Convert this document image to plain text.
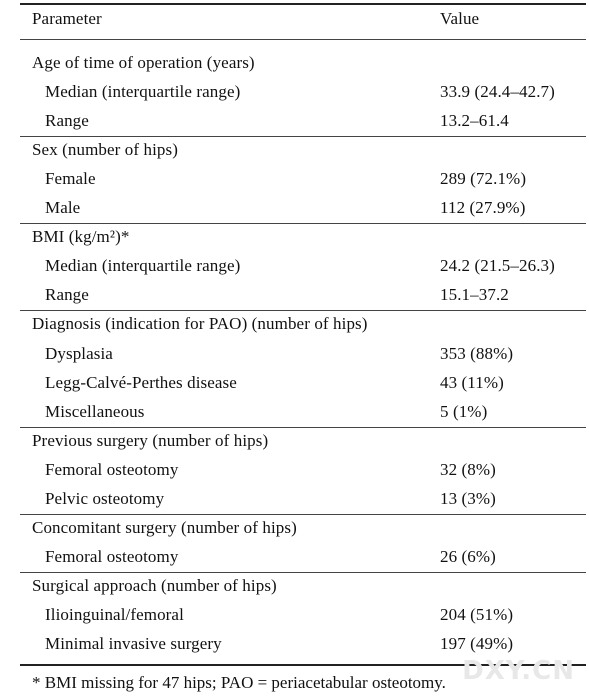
Parameter	Value
Age of time of operation (years)
Median (interquartile range)	33.9 (24.4–42.7)
Range	13.2–61.4
Sex (number of hips)
Female	289 (72.1%)
Male	112 (27.9%)
BMI (kg/m²)*
Median (interquartile range)	24.2 (21.5–26.3)
Range	15.1–37.2
Diagnosis (indication for PAO) (number of hips)
Dysplasia	353 (88%)
Legg-Calvé-Perthes disease	43 (11%)
Miscellaneous	5 (1%)
Previous surgery (number of hips)
Femoral osteotomy	32 (8%)
Pelvic osteotomy	13 (3%)
Concomitant surgery (number of hips)
Femoral osteotomy	26 (6%)
Surgical approach (number of hips)
Ilioinguinal/femoral	204 (51%)
Minimal invasive surgery	197 (49%)
* BMI missing for 47 hips; PAO = periacetabular osteotomy. DXY.CN
